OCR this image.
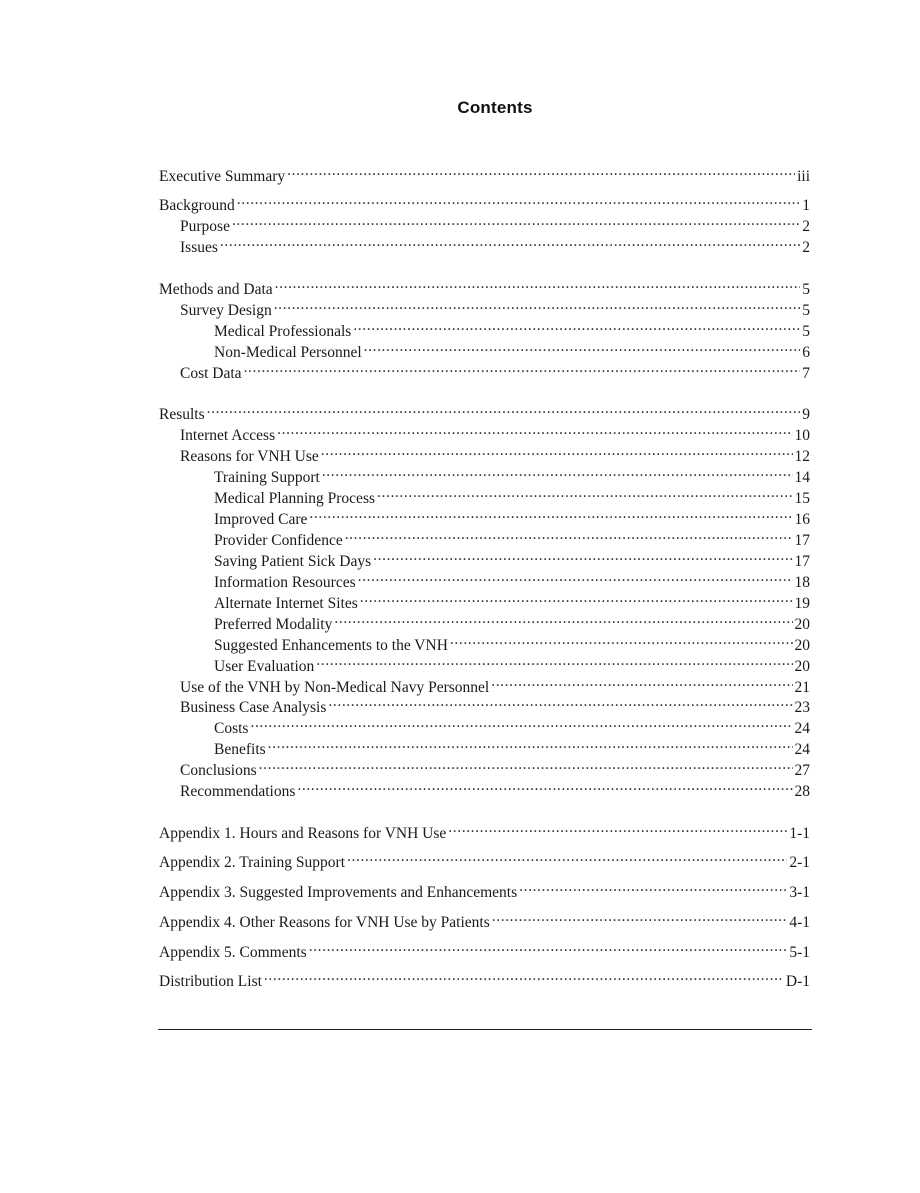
Contents
Executive Summary .....	iii
Background .....	1
Purpose .....	2
Issues .....	2
Methods and Data .....	5
Survey Design .....	5
Medical Professionals .....	5
Non-Medical Personnel .....	6
Cost Data .....	7
Results .....	9
Internet Access .....	10
Reasons for VNH Use .....	12
Training Support .....	14
Medical Planning Process .....	15
Improved Care .....	16
Provider Confidence .....	17
Saving Patient Sick Days .....	17
Information Resources .....	18
Alternate Internet Sites .....	19
Preferred Modality .....	20
Suggested Enhancements to the VNH .....	20
User Evaluation .....	20
Use of the VNH by Non-Medical Navy Personnel .....	21
Business Case Analysis .....	23
Costs .....	24
Benefits .....	24
Conclusions .....	27
Recommendations .....	28
Appendix 1. Hours and Reasons for VNH Use .....	1-1
Appendix 2. Training Support .....	2-1
Appendix 3. Suggested Improvements and Enhancements .....	3-1
Appendix 4. Other Reasons for VNH Use by Patients .....	4-1
Appendix 5. Comments .....	5-1
Distribution List .....	D-1
